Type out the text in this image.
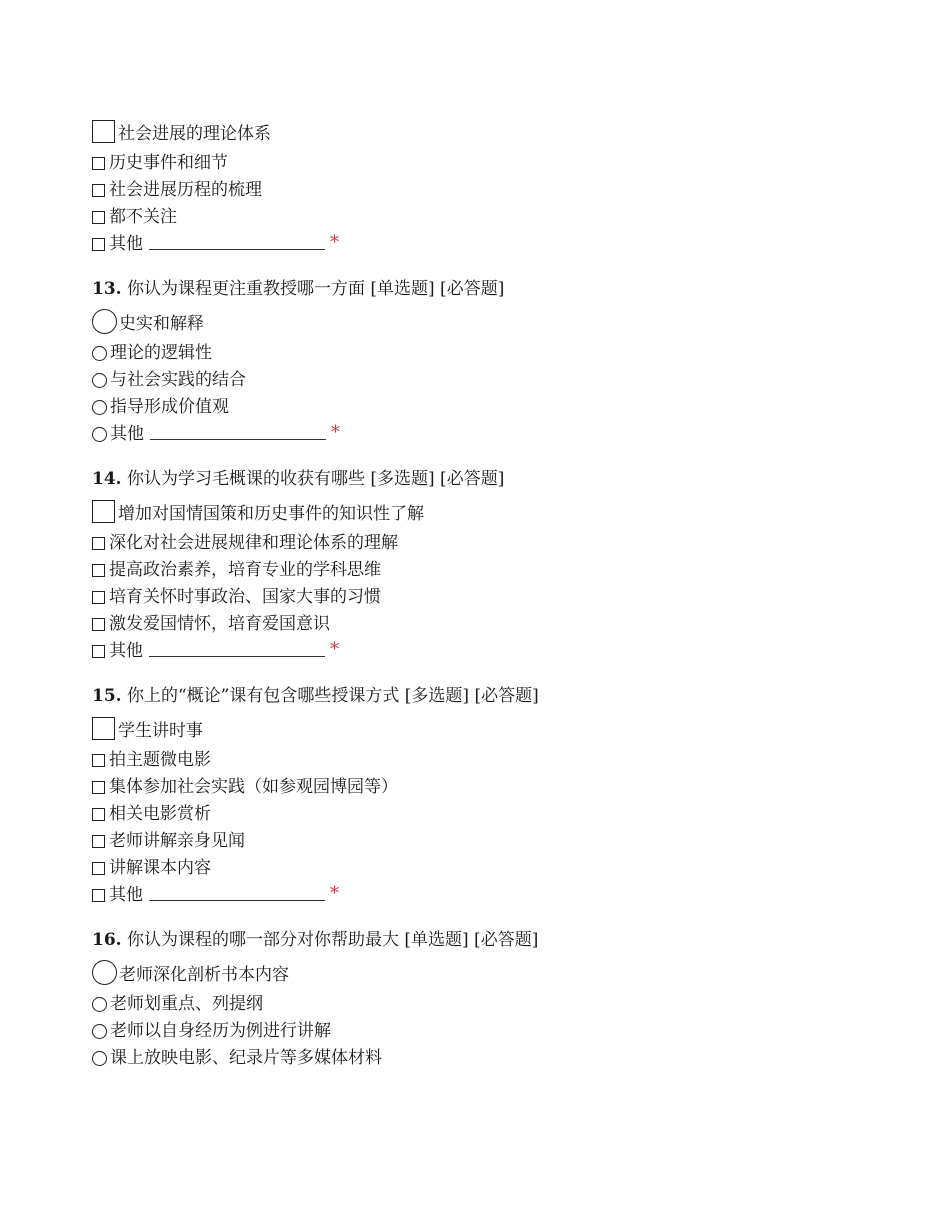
社会进展的理论体系
历史事件和细节
社会进展历程的梳理
都不关注
其他	*
13. 你认为课程更注重教授哪一方面 [单选题] [必答题]
史实和解释
理论的逻辑性
与社会实践的结合
指导形成价值观
其他	*
14. 你认为学习毛概课的收获有哪些 [多选题] [必答题]
增加对国情国策和历史事件的知识性了解
深化对社会进展规律和理论体系的理解
提高政治素养，培育专业的学科思维
培育关怀时事政治、国家大事的习惯
激发爱国情怀，培育爱国意识
其他	*
15. 你上的“概论”课有包含哪些授课方式 [多选题] [必答题]
学生讲时事
拍主题微电影
集体参加社会实践（如参观园博园等）
相关电影赏析
老师讲解亲身见闻
讲解课本内容
其他	*
16. 你认为课程的哪一部分对你帮助最大 [单选题] [必答题]
老师深化剖析书本内容
老师划重点、列提纲
老师以自身经历为例进行讲解
课上放映电影、纪录片等多媒体材料
